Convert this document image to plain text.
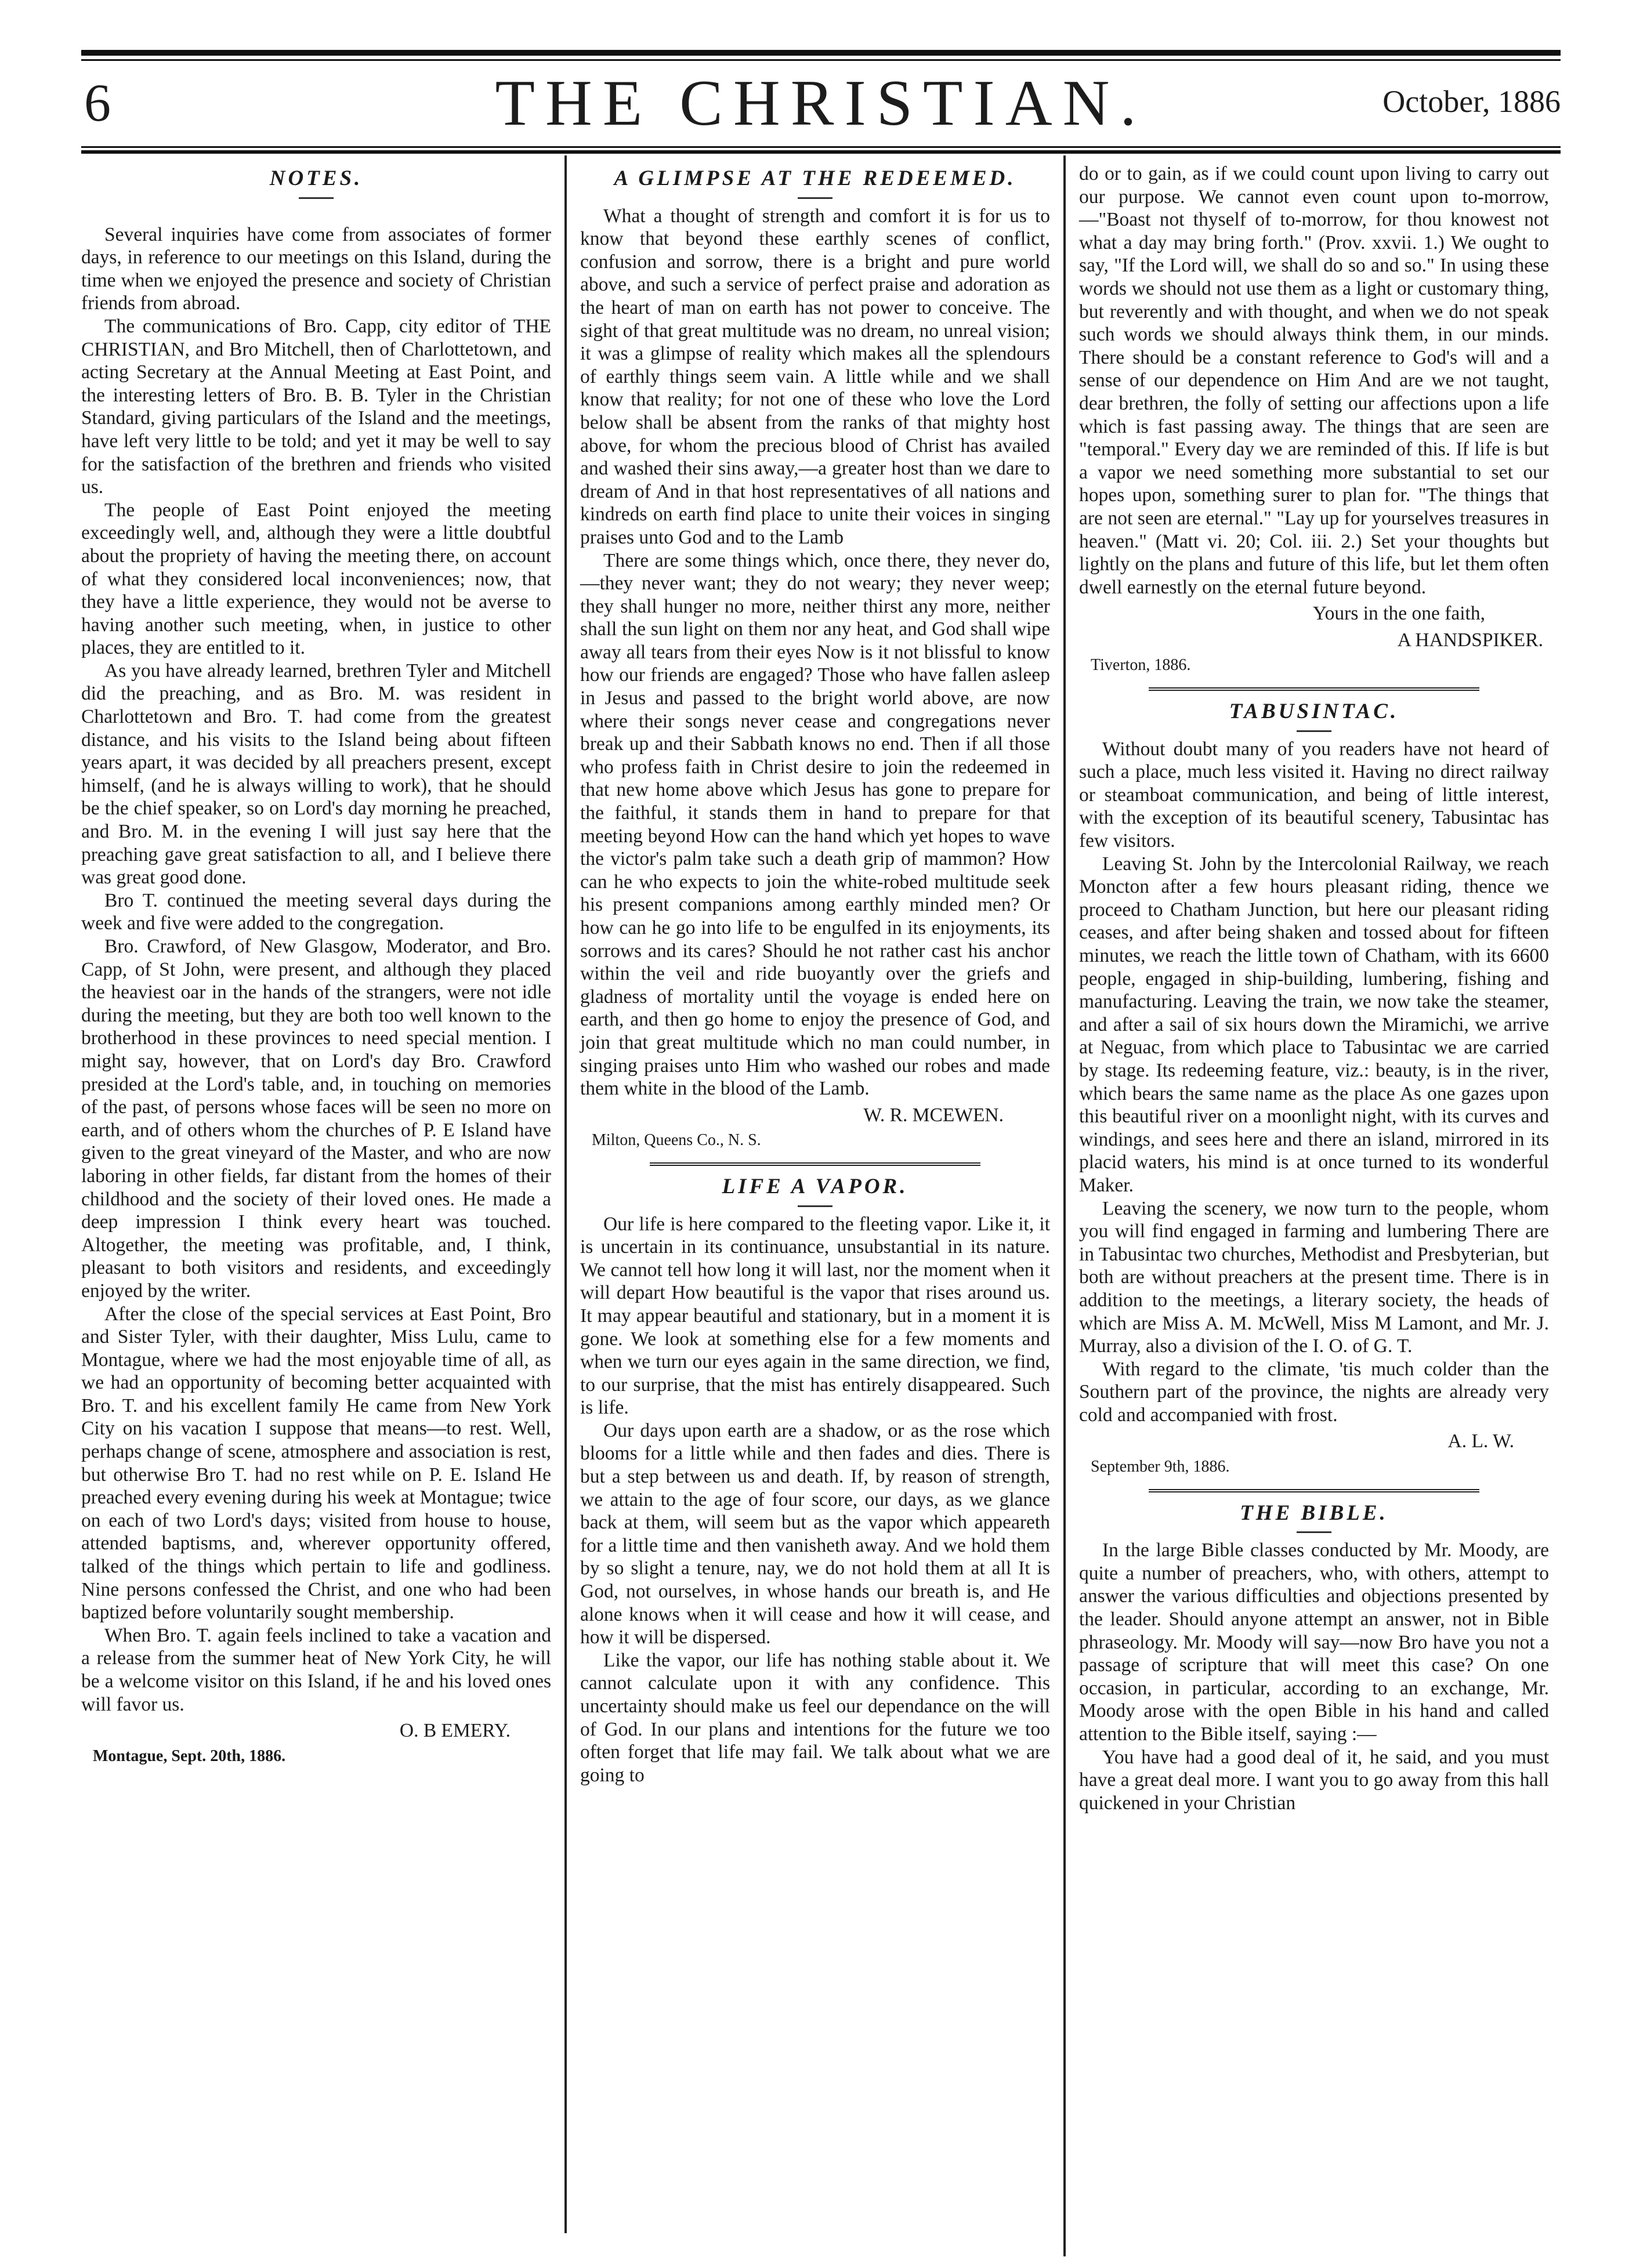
6	THE CHRISTIAN.	October, 1886
NOTES.

Several inquiries have come from associates of former days, in reference to our meetings on this Island, during the time when we enjoyed the presence and society of Christian friends from abroad.

The communications of Bro. Capp, city editor of THE CHRISTIAN, and Bro Mitchell, then of Charlottetown, and acting Secretary at the Annual Meeting at East Point, and the interesting letters of Bro. B. B. Tyler in the Christian Standard, giving particulars of the Island and the meetings, have left very little to be told; and yet it may be well to say for the satisfaction of the brethren and friends who visited us.

The people of East Point enjoyed the meeting exceedingly well, and, although they were a little doubtful about the propriety of having the meeting there, on account of what they considered local inconveniences; now, that they have a little experience, they would not be averse to having another such meeting, when, in justice to other places, they are entitled to it.

As you have already learned, brethren Tyler and Mitchell did the preaching, and as Bro. M. was resident in Charlottetown and Bro. T. had come from the greatest distance, and his visits to the Island being about fifteen years apart, it was decided by all preachers present, except himself, (and he is always willing to work), that he should be the chief speaker, so on Lord's day morning he preached, and Bro. M. in the evening I will just say here that the preaching gave great satisfaction to all, and I believe there was great good done.

Bro T. continued the meeting several days during the week and five were added to the congregation.

Bro. Crawford, of New Glasgow, Moderator, and Bro. Capp, of St John, were present, and although they placed the heaviest oar in the hands of the strangers, were not idle during the meeting, but they are both too well known to the brotherhood in these provinces to need special mention. I might say, however, that on Lord's day Bro. Crawford presided at the Lord's table, and, in touching on memories of the past, of persons whose faces will be seen no more on earth, and of others whom the churches of P. E Island have given to the great vineyard of the Master, and who are now laboring in other fields, far distant from the homes of their childhood and the society of their loved ones. He made a deep impression I think every heart was touched. Altogether, the meeting was profitable, and, I think, pleasant to both visitors and residents, and exceedingly enjoyed by the writer.

After the close of the special services at East Point, Bro and Sister Tyler, with their daughter, Miss Lulu, came to Montague, where we had the most enjoyable time of all, as we had an opportunity of becoming better acquainted with Bro. T. and his excellent family He came from New York City on his vacation I suppose that means—to rest. Well, perhaps change of scene, atmosphere and association is rest, but otherwise Bro T. had no rest while on P. E. Island He preached every evening during his week at Montague; twice on each of two Lord's days; visited from house to house, attended baptisms, and, wherever opportunity offered, talked of the things which pertain to life and godliness. Nine persons confessed the Christ, and one who had been baptized before voluntarily sought membership.

When Bro. T. again feels inclined to take a vacation and a release from the summer heat of New York City, he will be a welcome visitor on this Island, if he and his loved ones will favor us.

O. B EMERY.
Montague, Sept. 20th, 1886.
A GLIMPSE AT THE REDEEMED.

What a thought of strength and comfort it is for us to know that beyond these earthly scenes of conflict, confusion and sorrow, there is a bright and pure world above, and such a service of perfect praise and adoration as the heart of man on earth has not power to conceive. The sight of that great multitude was no dream, no unreal vision; it was a glimpse of reality which makes all the splendours of earthly things seem vain. A little while and we shall know that reality; for not one of these who love the Lord below shall be absent from the ranks of that mighty host above, for whom the precious blood of Christ has availed and washed their sins away,—a greater host than we dare to dream of And in that host representatives of all nations and kindreds on earth find place to unite their voices in singing praises unto God and to the Lamb

There are some things which, once there, they never do,—they never want; they do not weary; they never weep; they shall hunger no more, neither thirst any more, neither shall the sun light on them nor any heat, and God shall wipe away all tears from their eyes Now is it not blissful to know how our friends are engaged? Those who have fallen asleep in Jesus and passed to the bright world above, are now where their songs never cease and congregations never break up and their Sabbath knows no end. Then if all those who profess faith in Christ desire to join the redeemed in that new home above which Jesus has gone to prepare for the faithful, it stands them in hand to prepare for that meeting beyond How can the hand which yet hopes to wave the victor's palm take such a death grip of mammon? How can he who expects to join the white-robed multitude seek his present companions among earthly minded men? Or how can he go into life to be engulfed in its enjoyments, its sorrows and its cares? Should he not rather cast his anchor within the veil and ride buoyantly over the griefs and gladness of mortality until the voyage is ended here on earth, and then go home to enjoy the presence of God, and join that great multitude which no man could number, in singing praises unto Him who washed our robes and made them white in the blood of the Lamb.

W. R. MCEWEN.
Milton, Queens Co., N. S.
LIFE A VAPOR.

Our life is here compared to the fleeting vapor. Like it, it is uncertain in its continuance, unsubstantial in its nature. We cannot tell how long it will last, nor the moment when it will depart How beautiful is the vapor that rises around us. It may appear beautiful and stationary, but in a moment it is gone. We look at something else for a few moments and when we turn our eyes again in the same direction, we find, to our surprise, that the mist has entirely disappeared. Such is life.

Our days upon earth are a shadow, or as the rose which blooms for a little while and then fades and dies. There is but a step between us and death. If, by reason of strength, we attain to the age of four score, our days, as we glance back at them, will seem but as the vapor which appeareth for a little time and then vanisheth away. And we hold them by so slight a tenure, nay, we do not hold them at all It is God, not ourselves, in whose hands our breath is, and He alone knows when it will cease and how it will cease, and how it will be dispersed.

Like the vapor, our life has nothing stable about it. We cannot calculate upon it with any confidence. This uncertainty should make us feel our dependance on the will of God. In our plans and intentions for the future we too often forget that life may fail. We talk about what we are going to

do or to gain, as if we could count upon living to carry out our purpose. We cannot even count upon to-morrow,—"Boast not thyself of to-morrow, for thou knowest not what a day may bring forth." (Prov. xxvii. 1.) We ought to say, "If the Lord will, we shall do so and so." In using these words we should not use them as a light or customary thing, but reverently and with thought, and when we do not speak such words we should always think them, in our minds. There should be a constant reference to God's will and a sense of our dependence on Him And are we not taught, dear brethren, the folly of setting our affections upon a life which is fast passing away. The things that are seen are "temporal." Every day we are reminded of this. If life is but a vapor we need something more substantial to set our hopes upon, something surer to plan for. "The things that are not seen are eternal." "Lay up for yourselves treasures in heaven." (Matt vi. 20; Col. iii. 2.) Set your thoughts but lightly on the plans and future of this life, but let them often dwell earnestly on the eternal future beyond.

Yours in the one faith,
A HANDSPIKER.
Tiverton, 1886.
TABUSINTAC.

Without doubt many of you readers have not heard of such a place, much less visited it. Having no direct railway or steamboat communication, and being of little interest, with the exception of its beautiful scenery, Tabusintac has few visitors.

Leaving St. John by the Intercolonial Railway, we reach Moncton after a few hours pleasant riding, thence we proceed to Chatham Junction, but here our pleasant riding ceases, and after being shaken and tossed about for fifteen minutes, we reach the little town of Chatham, with its 6600 people, engaged in ship-building, lumbering, fishing and manufacturing. Leaving the train, we now take the steamer, and after a sail of six hours down the Miramichi, we arrive at Neguac, from which place to Tabusintac we are carried by stage. Its redeeming feature, viz.: beauty, is in the river, which bears the same name as the place As one gazes upon this beautiful river on a moonlight night, with its curves and windings, and sees here and there an island, mirrored in its placid waters, his mind is at once turned to its wonderful Maker.

Leaving the scenery, we now turn to the people, whom you will find engaged in farming and lumbering There are in Tabusintac two churches, Methodist and Presbyterian, but both are without preachers at the present time. There is in addition to the meetings, a literary society, the heads of which are Miss A. M. McWell, Miss M Lamont, and Mr. J. Murray, also a division of the I. O. of G. T.

With regard to the climate, 'tis much colder than the Southern part of the province, the nights are already very cold and accompanied with frost.

A. L. W.
September 9th, 1886.
THE BIBLE.

In the large Bible classes conducted by Mr. Moody, are quite a number of preachers, who, with others, attempt to answer the various difficulties and objections presented by the leader. Should anyone attempt an answer, not in Bible phraseology. Mr. Moody will say—now Bro have you not a passage of scripture that will meet this case? On one occasion, in particular, according to an exchange, Mr. Moody arose with the open Bible in his hand and called attention to the Bible itself, saying :—

You have had a good deal of it, he said, and you must have a great deal more. I want you to go away from this hall quickened in your Christian
